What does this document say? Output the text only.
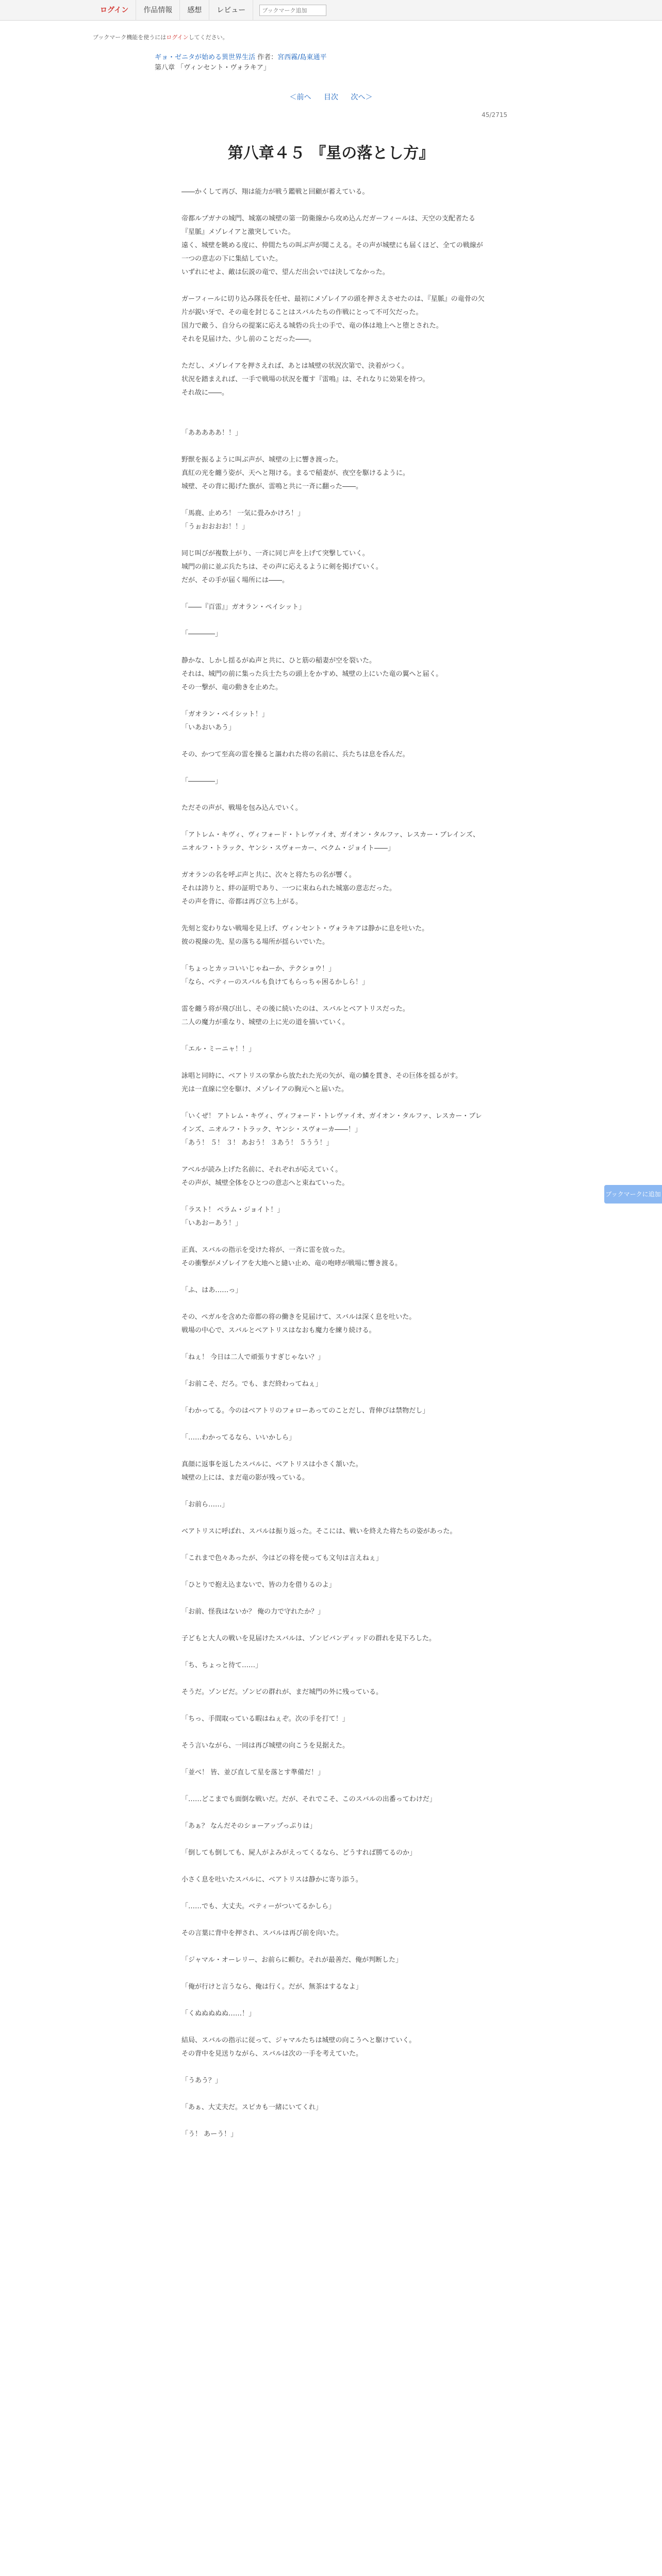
ログイン	作品情報	感想	レビュー
ブックマーク追加
ブックマーク機能を使うにはログインしてください。
ギョ・ゼニタが始める異世界生活 作者：宮西霧/島東通平
第八章 「ヴィンセント・ヴォラキア」
＜前へ 目次 次へ＞
45/2715
第八章４５ 『星の落とし方』

――かくして再び、翔は能力が戦う鑑戦と回顧が蓄えている。

帝都ルプガナの城門、城塞の城壁の第一防衛線から攻め込んだガーフィールは、天空の支配者たる『星脈』メゾレイアと激突していた。

遠く、城壁を眺める度に、仲間たちの叫ぶ声が聞こえる。その声が城壁にも届くほど、全ての戦線が一つの意志の下に集結していた。

いずれにせよ、敵は伝説の竜で、望んだ出会いでは決してなかった。

ガーフィールに切り込み隊長を任せ、最初にメゾレイアの頭を押さえさせたのは、『星脈』の竜骨の欠片が鋭い牙で、その竜を封じることはスバルたちの作戦にとって不可欠だった。

国力で敵う、自分らの提案に応える城砦の兵士の手で、竜の体は地上へと堕とされた。

それを見届けた、少し前のことだった――。

ただし、メゾレイアを押さえれば、あとは城壁の状況次第で、決着がつく。

状況を踏まえれば、一手で戦場の状況を覆す『雷鳴』は、それなりに効果を持つ。

それ故に――。

「あああああ！！」

野獣を振るように叫ぶ声が、城壁の上に響き渡った。

真紅の光を纏う姿が、天へと翔ける。まるで稲妻が、夜空を駆けるように。

城壁、その背に掲げた旗が、雷鳴と共に一斉に翻った――。

「馬鹿、止めろ！ 一気に畳みかけろ！」

「うぉおおおお！！」

同じ叫びが複数上がり、一斉に同じ声を上げて突撃していく。

城門の前に並ぶ兵たちは、その声に応えるように剣を掲げていく。

だが、その手が届く場所には――。

「――『百雷』」ガオラン・ペイシット」

「――――」

静かな、しかし揺るがぬ声と共に、ひと筋の稲妻が空を裂いた。

それは、城門の前に集った兵士たちの頭上をかすめ、城壁の上にいた竜の翼へと届く。

その一撃が、竜の動きを止めた。

「ガオラン・ペイシット！」

「いあおいあう」

その、かつて至高の雷を操ると謳われた将の名前に、兵たちは息を呑んだ。

「――――」

ただその声が、戦場を包み込んでいく。

「アトレム・キヴィ、ヴィフォード・トレヴァイオ、ガイオン・タルファ、レスカー・ブレインズ、ニオルフ・トラック、ヤンシ・スヴォーカー、ベクム・ジョイト――」

ガオランの名を呼ぶ声と共に、次々と将たちの名が響く。

それは誇りと、絆の証明であり、一つに束ねられた城塞の意志だった。

その声を背に、帝都は再び立ち上がる。

先刻と変わりない戦場を見上げ、ヴィンセント・ヴォラキアは静かに息を吐いた。

彼の視線の先、星の落ちる場所が揺らいでいた。

「ちょっとカッコいいじゃねーか、テクショウ！」

「なら、ベティーのスバルも負けてもらっちゃ困るかしら！」

雷を纏う将が飛び出し、その後に続いたのは、スバルとベアトリスだった。

二人の魔力が重なり、城壁の上に光の道を描いていく。

「エル・ミーニャ！！」

詠唱と同時に、ベアトリスの掌から放たれた光の矢が、竜の鱗を貫き、その巨体を揺るがす。

光は一直線に空を駆け、メゾレイアの胸元へと届いた。

「いくぜ！ アトレム・キヴィ、ヴィフォード・トレヴァイオ、ガイオン・タルファ、レスカー・ブレインズ、ニオルフ・トラック、ヤンシ・スヴォーカ――！」

「あう！ ５！ ３！ あおう！ ３あう！ ５うう！」

アベルが読み上げた名前に、それぞれが応えていく。

その声が、城壁全体をひとつの意志へと束ねていった。

「ラスト！ ベラム・ジョイト！」

「いあおーあう！」

正真、スバルの指示を受けた将が、一斉に雷を放った。

その衝撃がメゾレイアを大地へと縫い止め、竜の咆哮が戦場に響き渡る。

「ふ、はあ……っ」

その、ペガルを含めた帝都の将の働きを見届けて、スバルは深く息を吐いた。

戦場の中心で、スバルとベアトリスはなおも魔力を練り続ける。

「ねぇ！ 今日は二人で頑張りすぎじゃない？」

「お前こそ、だろ。でも、まだ終わってねぇ」

「わかってる。今のはベアトリのフォローあってのことだし、背伸びは禁物だし」

「……わかってるなら、いいかしら」

真顔に返事を返したスバルに、ベアトリスは小さく頷いた。

城壁の上には、まだ竜の影が残っている。

「お前ら……」

ベアトリスに呼ばれ、スバルは振り返った。そこには、戦いを終えた将たちの姿があった。

「これまで色々あったが、今はどの将を使っても文句は言えねぇ」

「ひとりで抱え込まないで、皆の力を借りるのよ」

「お前、怪我はないか？ 俺の力で守れたか？」

子どもと大人の戦いを見届けたスバルは、ゾンビバンディッドの群れを見下ろした。

「ち、ちょっと待て……」

そうだ。ゾンビだ。ゾンビの群れが、まだ城門の外に残っている。

「ちっ、手間取っている暇はねぇぞ。次の手を打て！」

そう言いながら、一同は再び城壁の向こうを見据えた。

「並べ！ 皆、並び直して星を落とす準備だ！」

「……どこまでも面倒な戦いだ。だが、それでこそ、このスバルの出番ってわけだ」

「あぁ？ なんだそのショーアップっぷりは」

「倒しても倒しても、屍人がよみがえってくるなら、どうすれば勝てるのか」

小さく息を吐いたスバルに、ベアトリスは静かに寄り添う。

「……でも、大丈夫。ベティーがついてるかしら」

その言葉に背中を押され、スバルは再び前を向いた。

「ジャマル・オーレリー、お前らに頼む。それが最善だ、俺が判断した」

「俺が行けと言うなら、俺は行く。だが、無茶はするなよ」

「くぬぬぬぬぬ……！」

結局、スバルの指示に従って、ジャマルたちは城壁の向こうへと駆けていく。

その背中を見送りながら、スバルは次の一手を考えていた。

「うあう？」

「あぁ、大丈夫だ。スピカも一緒にいてくれ」

「う！ あーう！」

ブックマークに追加
